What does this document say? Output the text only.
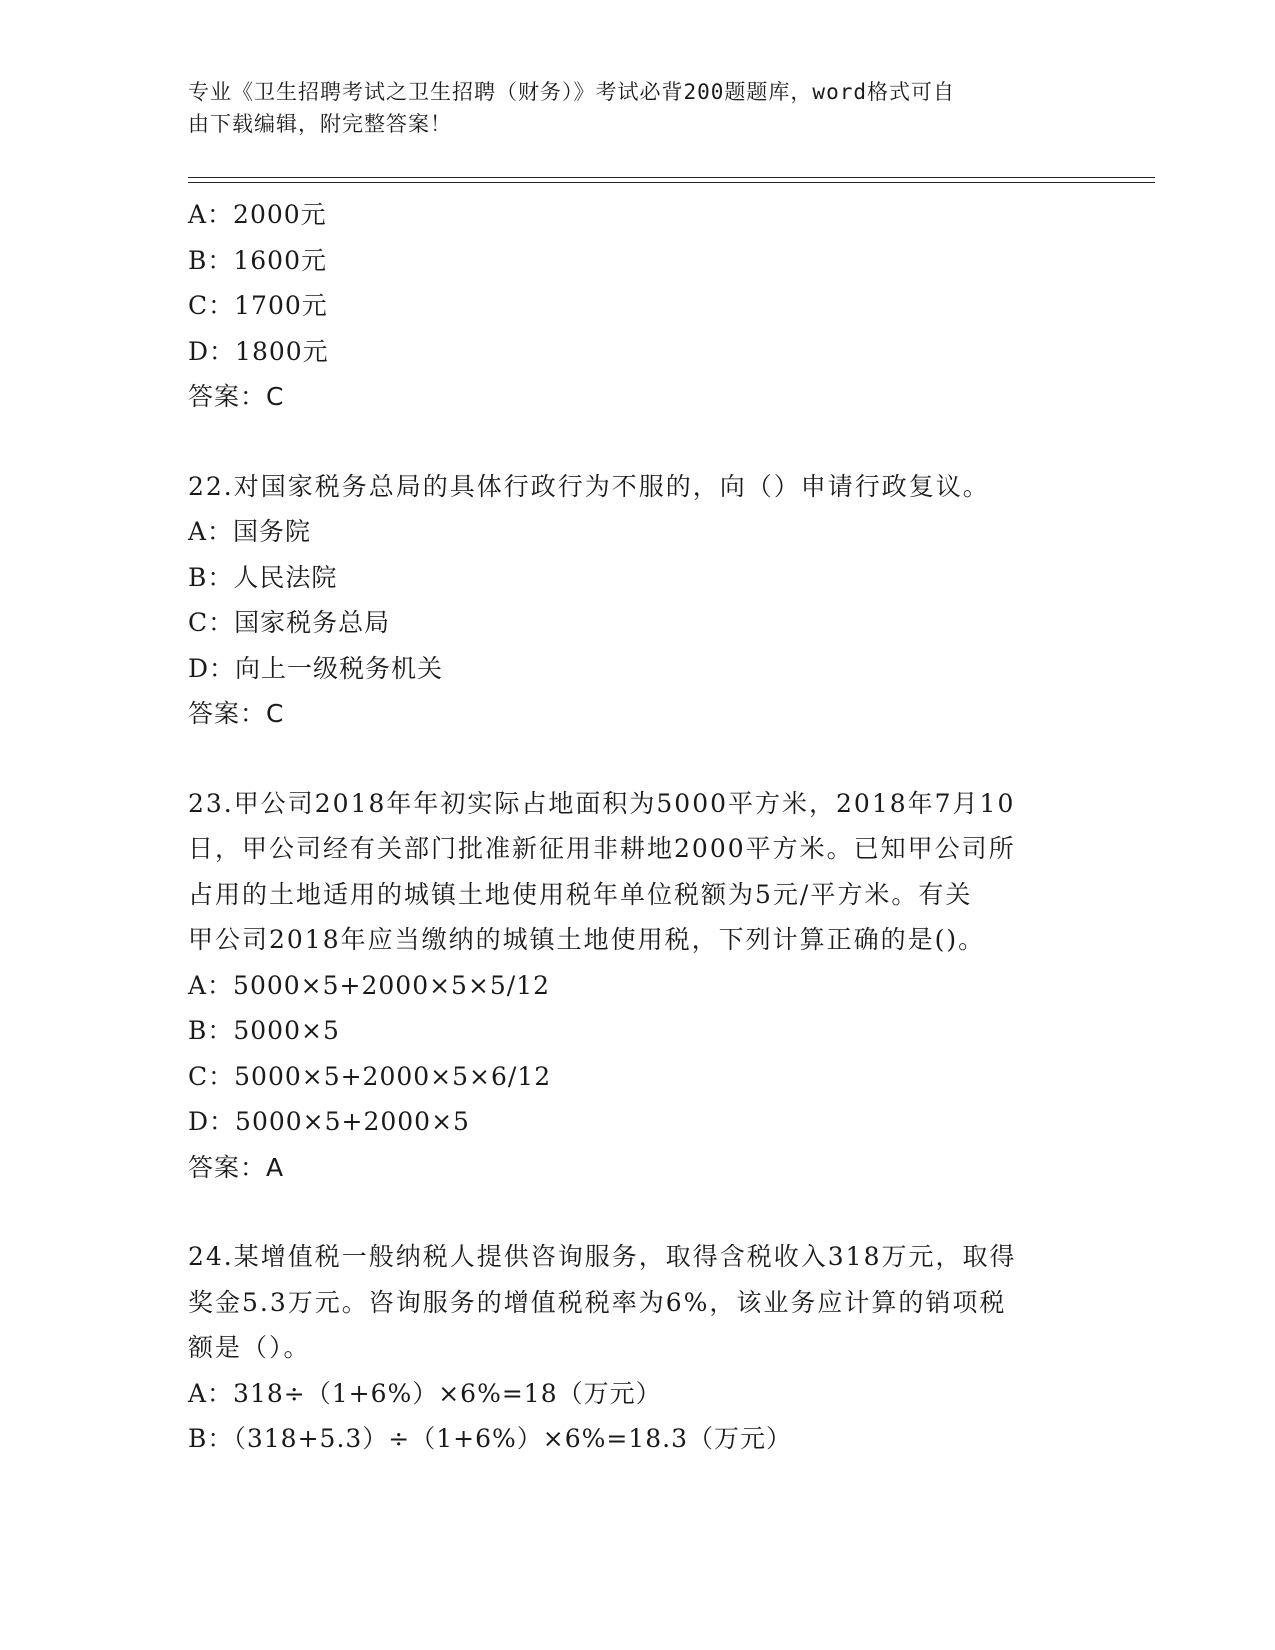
专业《卫生招聘考试之卫生招聘（财务）》考试必背200题题库，word格式可自
由下载编辑，附完整答案！
A：2000元
B：1600元
C：1700元
D：1800元
答案：C
22.对国家税务总局的具体行政行为不服的，向（）申请行政复议。
A：国务院
B：人民法院
C：国家税务总局
D：向上一级税务机关
答案：C
23.甲公司2018年年初实际占地面积为5000平方米，2018年7月10
日，甲公司经有关部门批准新征用非耕地2000平方米。已知甲公司所
占用的土地适用的城镇土地使用税年单位税额为5元/平方米。有关
甲公司2018年应当缴纳的城镇土地使用税，下列计算正确的是()。
A：5000×5+2000×5×5/12
B：5000×5
C：5000×5+2000×5×6/12
D：5000×5+2000×5
答案：A
24.某增值税一般纳税人提供咨询服务，取得含税收入318万元，取得
奖金5.3万元。咨询服务的增值税税率为6%，该业务应计算的销项税
额是（）。
A：318÷（1+6%）×6%=18（万元）
B：（318+5.3）÷（1+6%）×6%=18.3（万元）
